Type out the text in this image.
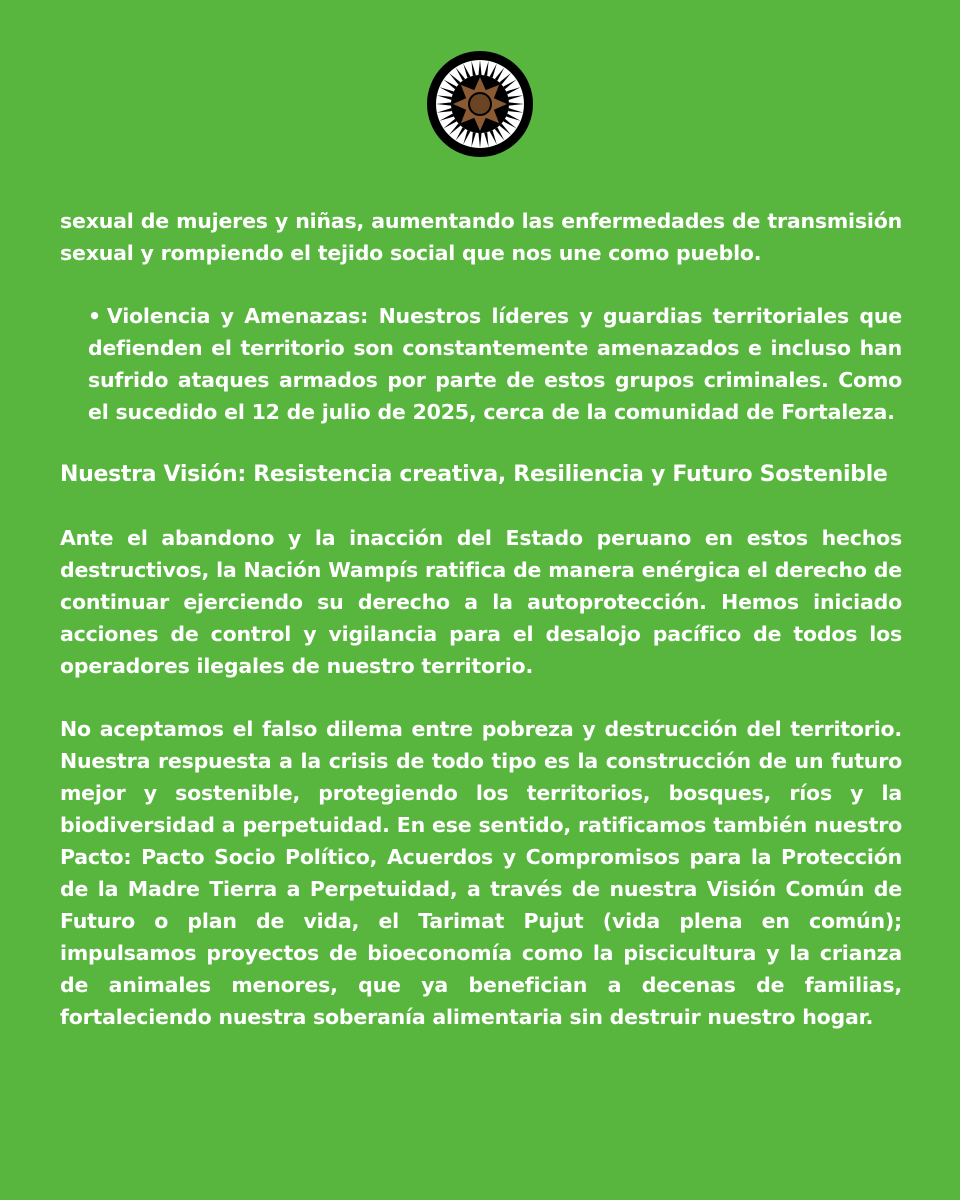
sexual de mujeres y niñas, aumentando las enfermedades de transmisión sexual y rompiendo el tejido social que nos une como pueblo.

• Violencia y Amenazas: Nuestros líderes y guardias territoriales que defienden el territorio son constantemente amenazados e incluso han sufrido ataques armados por parte de estos grupos criminales. Como el sucedido el 12 de julio de 2025, cerca de la comunidad de Fortaleza.

Nuestra Visión: Resistencia creativa, Resiliencia y Futuro Sostenible

Ante el abandono y la inacción del Estado peruano en estos hechos destructivos, la Nación Wampís ratifica de manera enérgica el derecho de continuar ejerciendo su derecho a la autoprotección. Hemos iniciado acciones de control y vigilancia para el desalojo pacífico de todos los operadores ilegales de nuestro territorio.

No aceptamos el falso dilema entre pobreza y destrucción del territorio. Nuestra respuesta a la crisis de todo tipo es la construcción de un futuro mejor y sostenible, protegiendo los territorios, bosques, ríos y la biodiversidad a perpetuidad. En ese sentido, ratificamos también nuestro Pacto: Pacto Socio Político, Acuerdos y Compromisos para la Protección de la Madre Tierra a Perpetuidad, a través de nuestra Visión Común de Futuro o plan de vida, el Tarimat Pujut (vida plena en común); impulsamos proyectos de bioeconomía como la piscicultura y la crianza de animales menores, que ya benefician a decenas de familias, fortaleciendo nuestra soberanía alimentaria sin destruir nuestro hogar.
